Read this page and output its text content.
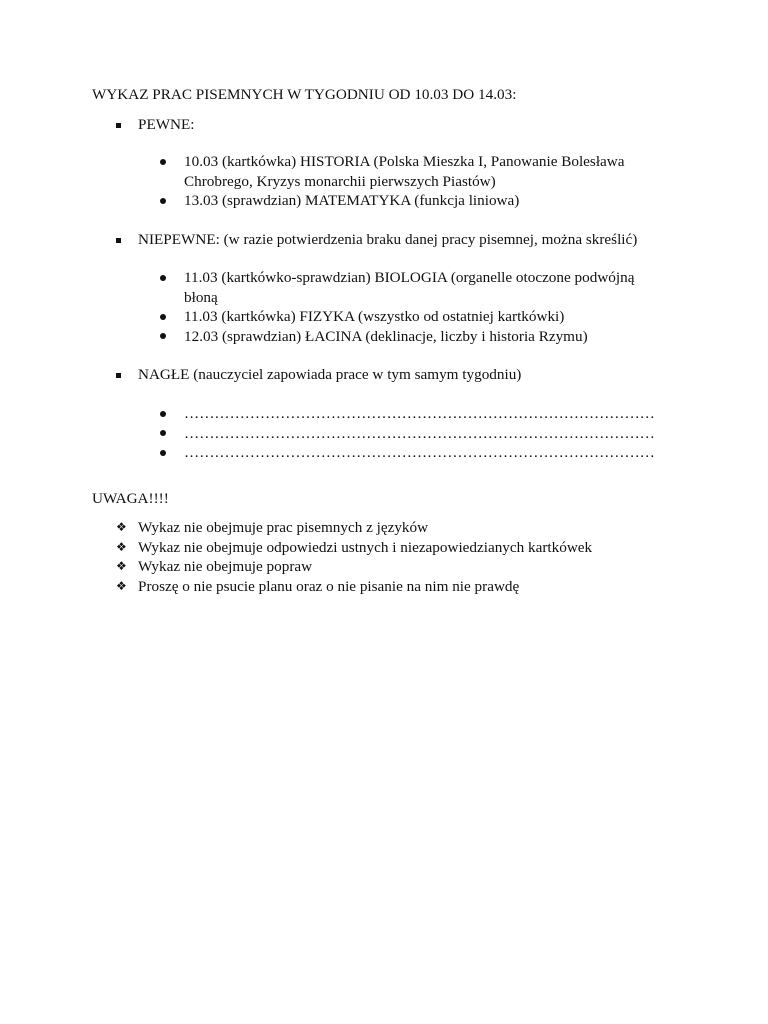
WYKAZ PRAC PISEMNYCH W TYGODNIU OD 10.03 DO 14.03:
PEWNE:
10.03 (kartkówka) HISTORIA (Polska Mieszka I, Panowanie Bolesława Chrobrego, Kryzys monarchii pierwszych Piastów)
13.03 (sprawdzian) MATEMATYKA (funkcja liniowa)
NIEPEWNE: (w razie potwierdzenia braku danej pracy pisemnej, można skreślić)
11.03 (kartkówko-sprawdzian) BIOLOGIA (organelle otoczone podwójną błoną
11.03 (kartkówka) FIZYKA (wszystko od ostatniej kartkówki)
12.03 (sprawdzian) ŁACINA (deklinacje, liczby i historia Rzymu)
NAGŁE (nauczyciel zapowiada prace w tym samym tygodniu)
…………………………………………………………………………………
…………………………………………………………………………………
…………………………………………………………………………………
UWAGA!!!!
❖ Wykaz nie obejmuje prac pisemnych z języków
❖ Wykaz nie obejmuje odpowiedzi ustnych i niezapowiedzianych kartkówek
❖ Wykaz nie obejmuje popraw
❖ Proszę o nie psucie planu oraz o nie pisanie na nim nie prawdę
